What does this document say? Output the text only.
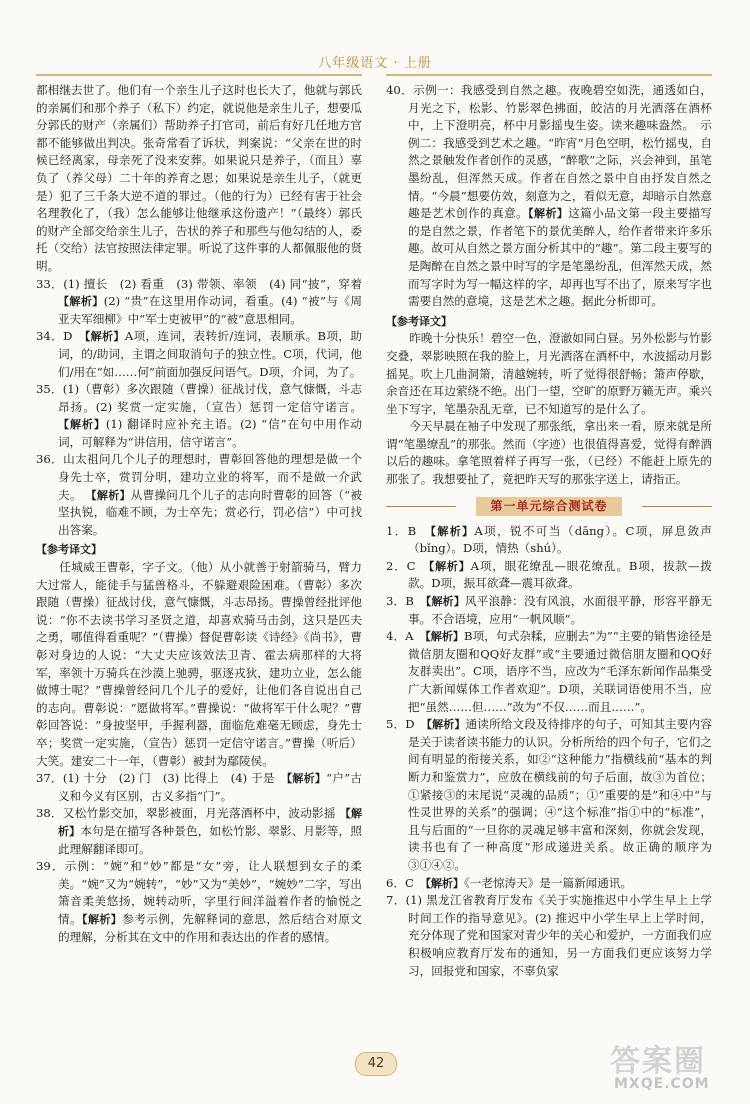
八年级语文 · 上册

都相继去世了。他们有一个亲生儿子这时也长大了，他就与郭氏的亲属们和那个养子（私下）约定，就说他是亲生儿子，想要瓜分郭氏的财产（亲属们）帮助养子打官司，前后有好几任地方官都不能够做出判决。张奇常看了诉状，判案说：“父亲在世的时候已经离家，母亲死了没来安葬。如果说只是养子，（而且）辜负了（养父母）二十年的养育之恩；如果说是亲生儿子，（就更是）犯了三千条大逆不道的罪过。（他的行为）已经有害于社会名理教化了，（我）怎么能够让他继承这份遗产！”（最终）郭氏的财产全部交给亲生儿子，告状的养子和那些与他勾结的人，委托（交给）法官按照法律定罪。听说了这件事的人都佩服他的贤明。

33．(1) 擅长　(2) 看重　(3) 带领、率领　(4) 同“披”，穿着　【解析】(2) “贵”在这里用作动词，看重。(4) “被”与《周亚夫军细柳》中“军士吏被甲”的“被”意思相同。

34．D　【解析】A项，连词，表转折/连词，表顺承。B项，助词，的/助词，主谓之间取消句子的独立性。C项，代词，他们/用在“如……何”前面加强反问语气。D项，介词，为了。

35．(1)（曹彰）多次跟随（曹操）征战讨伐，意气慷慨，斗志昂扬。(2) 奖赏一定实施，（宣告）惩罚一定信守诺言。 【解析】(1) 翻译时应补充主语。(2) “信”在句中用作动词，可解释为“讲信用，信守诺言”。

36．山太祖问几个儿子的理想时，曹彰回答他的理想是做一个身先士卒，赏罚分明，建功立业的将军，而不是做一介武夫。 【解析】从曹操问几个儿子的志向时曹彰的回答（“被坚执锐，临难不顾，为士卒先；赏必行，罚必信”）中可找出答案。

【参考译文】

任城威王曹彰，字子文。（他）从小就善于射箭骑马，臂力大过常人，能徒手与猛兽格斗，不躲避艰险困难。（曹彰）多次跟随（曹操）征战讨伐，意气慷慨，斗志昂扬。曹操曾经批评他说：“你不去读书学习圣贤之道，却喜欢骑马击剑，这只是匹夫之勇，哪值得看重呢？”（曹操）督促曹彰读《诗经》《尚书》，曹彰对身边的人说：“大丈夫应该效法卫青、霍去病那样的大将军，率领十万骑兵在沙漠上驰骋，驱逐戎狄，建功立业，怎么能做博士呢？”曹操曾经问几个儿子的爱好，让他们各自说出自己的志向。曹彰说：“愿做将军。”曹操说：“做将军干什么呢？”曹彰回答说：“身披坚甲，手握利器，面临危难毫无顾虑，身先士卒；奖赏一定实施，（宣告）惩罚一定信守诺言。”曹操（听后）大笑。建安二十一年，（曹彰）被封为鄢陵侯。

37．(1) 十分　(2) 门　(3) 比得上　(4) 于是　【解析】“户”古义和今义有区别，古义多指“门”。

38．又松竹影交加，翠影被面，月光落酒杯中，波动影摇 【解析】本句是在描写各种景色，如松竹影、翠影、月影等，照此理解翻译即可。

39．示例：“婉”和“妙”都是“女”旁，让人联想到女子的柔美。“婉”又为“婉转”，“妙”又为“美妙”，“婉妙”二字，写出箫音柔美悠扬，婉转动听，字里行间洋溢着作者的愉悦之情。【解析】参考示例，先解释词的意思，然后结合对原文的理解，分析其在文中的作用和表达出的作者的感情。

40．示例一：我感受到自然之趣。夜晚碧空如洗，通透如白，月光之下，松影、竹影翠色拂面，皎洁的月光洒落在酒杯中，上下澄明亮，杯中月影摇曳生姿。读来趣味盎然。　示例二：我感受到艺术之趣。“昨宵”月色空明，松竹摇曳，自然之景触发作者创作的灵感，“醉歌”之际，兴会神到，虽笔墨纷乱，但浑然天成。作者在自然之景中自由抒发自然之情。“今晨”想要仿效，刻意为之，看似无意，却暗示自然意趣是艺术创作的真意。【解析】这篇小品文第一段主要描写的是自然之景，作者笔下的景优美醉人，给作者带来许多乐趣。故可从自然之景方面分析其中的“趣”。第二段主要写的是陶醉在自然之景中时写的字是笔墨纷乱，但浑然天成，然而写字时为写一幅这样的字，却再也写不出了，原来写字也需要自然的意境，这是艺术之趣。据此分析即可。

【参考译文】

昨晚十分快乐！碧空一色，澄澈如同白昼。另外松影与竹影交叠，翠影映照在我的脸上，月光洒落在酒杯中，水波摇动月影摇晃。吹上几曲洞箫，清越婉转，听了觉得很舒畅；箫声停歇，余音还在耳边萦绕不绝。出门一望，空旷的原野万籁无声。乘兴坐下写字，笔墨杂乱无章，已不知道写的是什么了。

今天早晨在袖子中发现了那张纸，拿出来一看，原来就是所谓“笔墨缭乱”的那张。然而（字迹）也很值得喜爱，觉得有醉酒以后的趣味。拿笔照着样子再写一张，（已经）不能赶上原先的那张了。我想要扯了，竟把昨天写的那张字送上，请指正。

第一单元综合测试卷

1．B　【解析】A项，锐不可当（dāng）。C项，屏息敛声（bǐng）。D项，情热（shú）。

2．C　【解析】A项，眼花缭乱—眼花缭乱。B项，拔款—拨款。D项，振耳欲聋—震耳欲聋。

3．B　【解析】风平浪静：没有风浪，水面很平静，形容平静无事。不合语境，应用“一帆风顺”。

4．A　【解析】B项，句式杂糅，应删去“为”“主要的销售途径是微信朋友圈和QQ好友群”或“主要通过微信朋友圈和QQ好友群卖出”。C项，语序不当，应改为“毛泽东新闻作品集受广大新闻媒体工作者欢迎”。D项，关联词语使用不当，应把“虽然……但……”改为“不仅……而且……”。

5．D　【解析】通读所给文段及待排序的句子，可知其主要内容是关于读者读书能力的认识。分析所给的四个句子，它们之间有明显的衔接关系，如②“这种能力”指横线前“基本的判断力和鉴赏力”，应放在横线前的句子后面，故③为首位；①紧接③的末尾说“灵魂的品质”；①“重要的是”和④中“与性灵世界的关系”的强调；④“这个标准”指①中的“标准”，且与后面的“一旦你的灵魂足够丰富和深刻，你就会发现，读书也有了一种高度”形成递进关系。故正确的顺序为③①④②。

6．C　【解析】《一老惊涛天》是一篇新闻通讯。

7．(1) 黑龙江省教育厅发布《关于实施推迟中小学生早上上学时间工作的指导意见》。(2) 推迟中小学生早上上学时间，充分体现了党和国家对青少年的关心和爱护，一方面我们应积极响应教育厅发布的通知，另一方面我们更应该努力学习，回报党和国家，不辜负家

42	答案圈
MXQE.COM
